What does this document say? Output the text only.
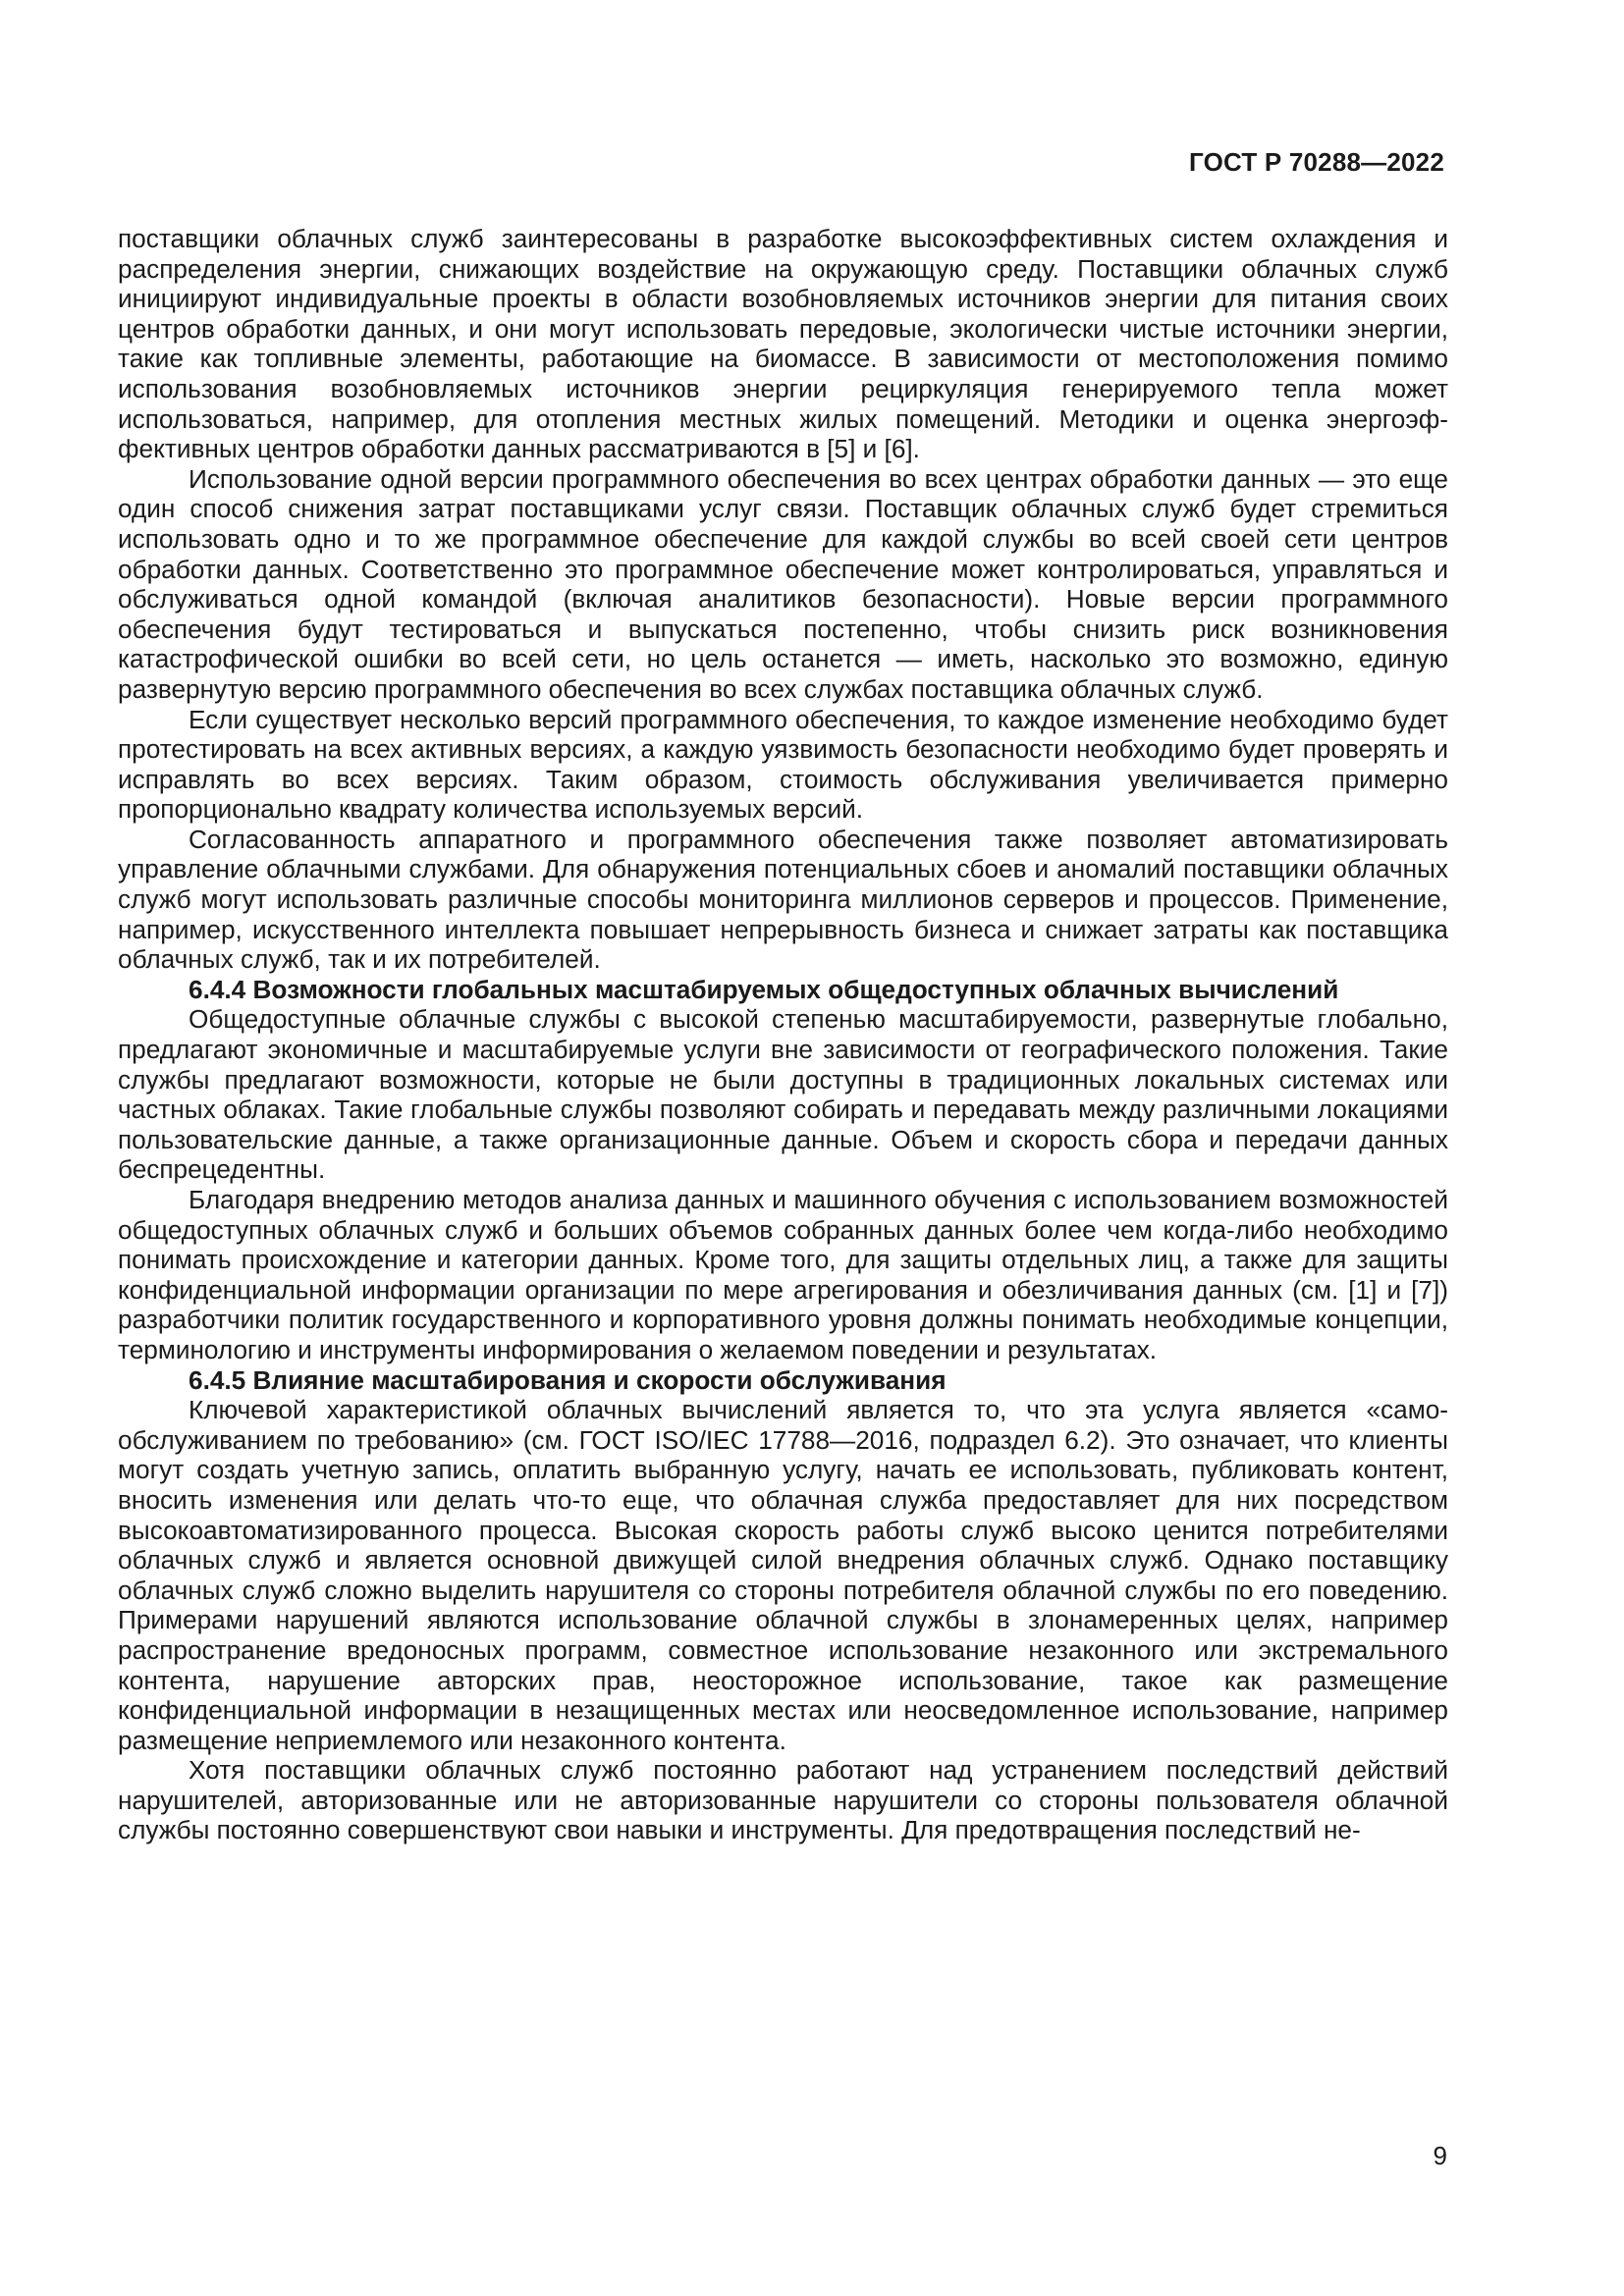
ГОСТ Р 70288—2022

поставщики облачных служб заинтересованы в разработке высокоэффективных систем охлаждения и распределения энергии, снижающих воздействие на окружающую среду. Поставщики облачных служб инициируют индивидуальные проекты в области возобновляемых источников энергии для питания своих центров обработки данных, и они могут использовать передовые, экологически чистые источники энергии, такие как топливные элементы, работающие на биомассе. В зависимости от местоположения помимо использования возобновляемых источников энергии рециркуляция генерируемого тепла может использоваться, например, для отопления местных жилых помещений. Методики и оценка энергоэффективных центров обработки данных рассматриваются в [5] и [6].

Использование одной версии программного обеспечения во всех центрах обработки данных — это еще один способ снижения затрат поставщиками услуг связи. Поставщик облачных служб будет стремиться использовать одно и то же программное обеспечение для каждой службы во всей своей сети центров обработки данных. Соответственно это программное обеспечение может контролироваться, управляться и обслуживаться одной командой (включая аналитиков безопасности). Новые версии программного обеспечения будут тестироваться и выпускаться постепенно, чтобы снизить риск возникновения катастрофической ошибки во всей сети, но цель останется — иметь, насколько это возможно, единую развернутую версию программного обеспечения во всех службах поставщика облачных служб.

Если существует несколько версий программного обеспечения, то каждое изменение необходимо будет протестировать на всех активных версиях, а каждую уязвимость безопасности необходимо будет проверять и исправлять во всех версиях. Таким образом, стоимость обслуживания увеличивается примерно пропорционально квадрату количества используемых версий.

Согласованность аппаратного и программного обеспечения также позволяет автоматизировать управление облачными службами. Для обнаружения потенциальных сбоев и аномалий поставщики облачных служб могут использовать различные способы мониторинга миллионов серверов и процессов. Применение, например, искусственного интеллекта повышает непрерывность бизнеса и снижает затраты как поставщика облачных служб, так и их потребителей.

6.4.4 Возможности глобальных масштабируемых общедоступных облачных вычислений

Общедоступные облачные службы с высокой степенью масштабируемости, развернутые глобально, предлагают экономичные и масштабируемые услуги вне зависимости от географического положения. Такие службы предлагают возможности, которые не были доступны в традиционных локальных системах или частных облаках. Такие глобальные службы позволяют собирать и передавать между различными локациями пользовательские данные, а также организационные данные. Объем и скорость сбора и передачи данных беспрецедентны.

Благодаря внедрению методов анализа данных и машинного обучения с использованием возможностей общедоступных облачных служб и больших объемов собранных данных более чем когда-либо необходимо понимать происхождение и категории данных. Кроме того, для защиты отдельных лиц, а также для защиты конфиденциальной информации организации по мере агрегирования и обезличивания данных (см. [1] и [7]) разработчики политик государственного и корпоративного уровня должны понимать необходимые концепции, терминологию и инструменты информирования о желаемом поведении и результатах.

6.4.5 Влияние масштабирования и скорости обслуживания

Ключевой характеристикой облачных вычислений является то, что эта услуга является «самообслуживанием по требованию» (см. ГОСТ ISO/IEC 17788—2016, подраздел 6.2). Это означает, что клиенты могут создать учетную запись, оплатить выбранную услугу, начать ее использовать, публиковать контент, вносить изменения или делать что-то еще, что облачная служба предоставляет для них посредством высокоавтоматизированного процесса. Высокая скорость работы служб высоко ценится потребителями облачных служб и является основной движущей силой внедрения облачных служб. Однако поставщику облачных служб сложно выделить нарушителя со стороны потребителя облачной службы по его поведению. Примерами нарушений являются использование облачной службы в злонамеренных целях, например распространение вредоносных программ, совместное использование незаконного или экстремального контента, нарушение авторских прав, неосторожное использование, такое как размещение конфиденциальной информации в незащищенных местах или неосведомленное использование, например размещение неприемлемого или незаконного контента.

Хотя поставщики облачных служб постоянно работают над устранением последствий действий нарушителей, авторизованные или не авторизованные нарушители со стороны пользователя облачной службы постоянно совершенствуют свои навыки и инструменты. Для предотвращения последствий не-

9
